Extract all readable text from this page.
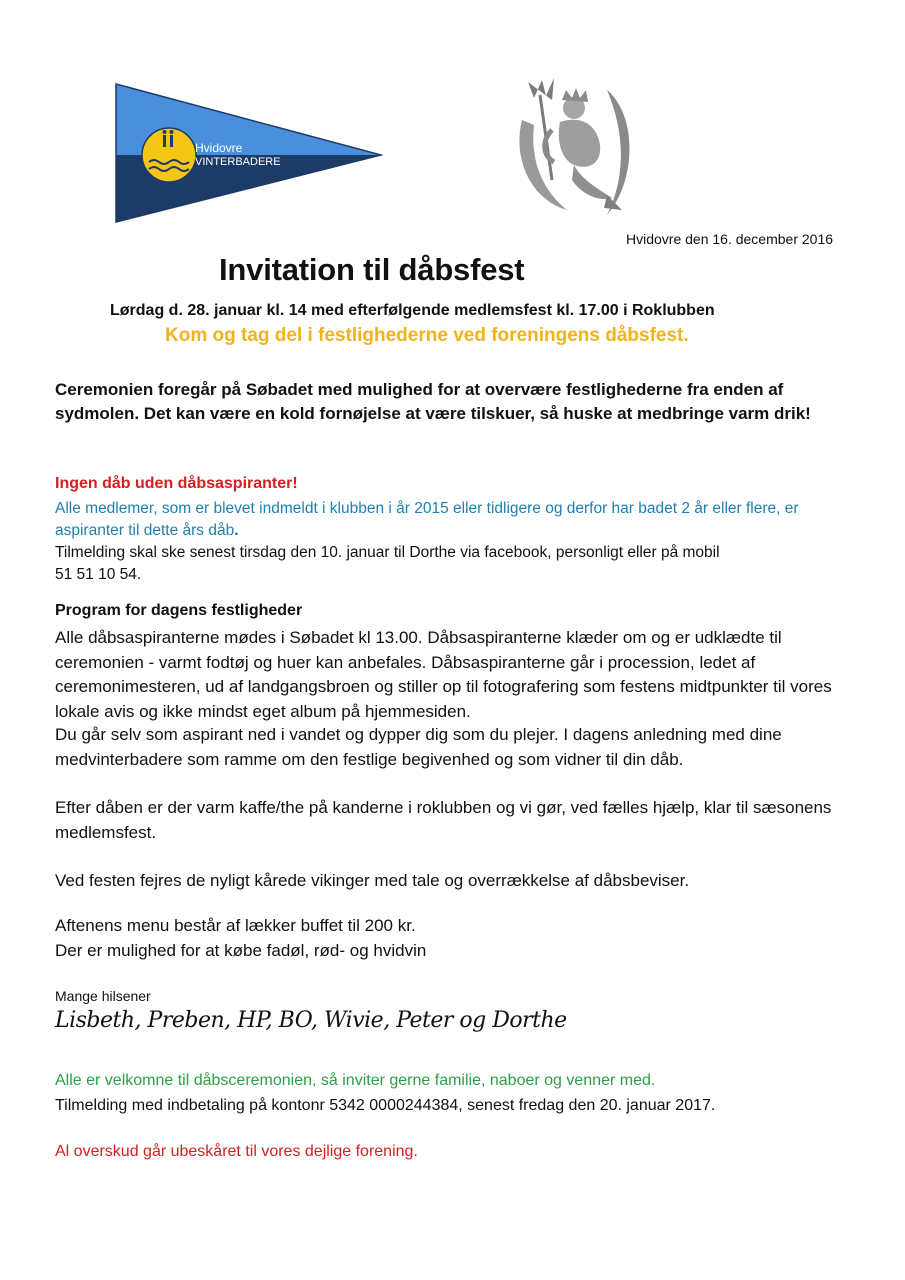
Hvidovre
VINTERBADERE
Hvidovre den 16. december 2016
Invitation til dåbsfest
Lørdag d. 28. januar kl. 14 med efterfølgende medlemsfest kl. 17.00 i Roklubben
Kom og tag del i festlighederne ved foreningens dåbsfest.
Ceremonien foregår på Søbadet med mulighed for at overvære festlighederne fra enden af sydmolen. Det kan være en kold fornøjelse at være tilskuer, så huske at medbringe varm drik!
Ingen dåb uden dåbsaspiranter!
Alle medlemer, som er blevet indmeldt i klubben i år 2015 eller tidligere og derfor har badet 2 år eller flere, er aspiranter til dette års dåb.
Tilmelding skal ske senest tirsdag den 10. januar til Dorthe via facebook, personligt eller på mobil
51 51 10 54.
Program for dagens festligheder
Alle dåbsaspiranterne mødes i Søbadet kl 13.00. Dåbsaspiranterne klæder om og er udklædte til ceremonien - varmt fodtøj og huer kan anbefales. Dåbsaspiranterne går i procession, ledet af ceremonimesteren, ud af landgangsbroen og stiller op til fotografering som festens midtpunkter til vores lokale avis og ikke mindst eget album på hjemmesiden.
Du går selv som aspirant ned i vandet og dypper dig som du plejer. I dagens anledning med dine medvinterbadere som ramme om den festlige begivenhed og som vidner til din dåb.
Efter dåben er der varm kaffe/the på kanderne i roklubben og vi gør, ved fælles hjælp, klar til sæsonens medlemsfest.
Ved festen fejres de nyligt kårede vikinger med tale og overrækkelse af dåbsbeviser.
Aftenens menu består af lækker buffet til 200 kr.
Der er mulighed for at købe fadøl, rød- og hvidvin
Mange hilsener
Lisbeth, Preben, HP, BO, Wivie, Peter og Dorthe
Alle er velkomne til dåbsceremonien, så inviter gerne familie, naboer og venner med.
Tilmelding med indbetaling på kontonr 5342 0000244384, senest fredag den 20. januar 2017.
Al overskud går ubeskåret til vores dejlige forening.
